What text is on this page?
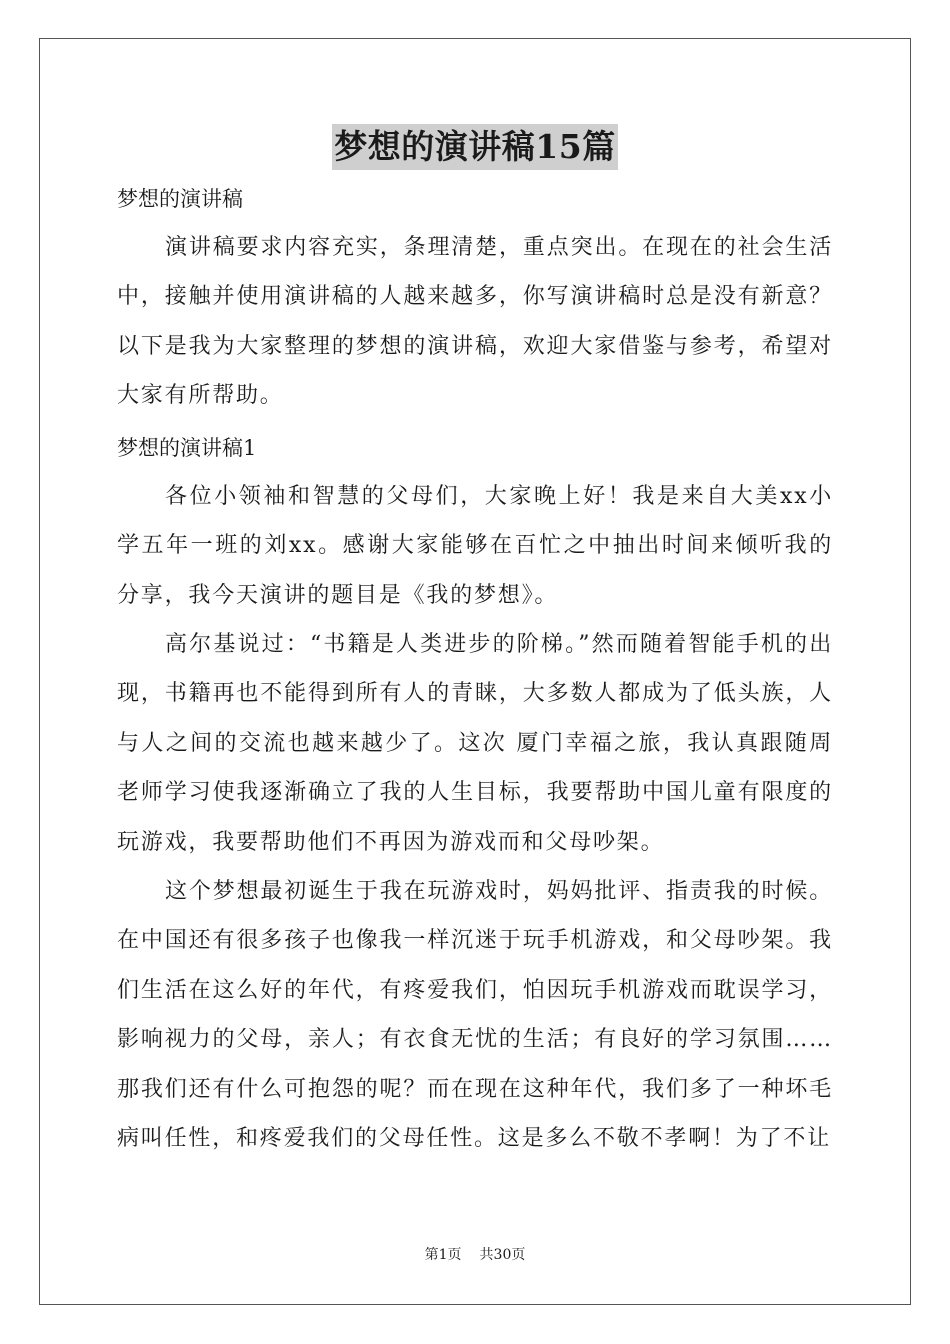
梦想的演讲稿15篇
梦想的演讲稿

演讲稿要求内容充实，条理清楚，重点突出。在现在的社会生活中，接触并使用演讲稿的人越来越多，你写演讲稿时总是没有新意？以下是我为大家整理的梦想的演讲稿，欢迎大家借鉴与参考，希望对大家有所帮助。

梦想的演讲稿1

各位小领袖和智慧的父母们，大家晚上好！我是来自大美xx小学五年一班的刘xx。感谢大家能够在百忙之中抽出时间来倾听我的分享，我今天演讲的题目是《我的梦想》。

高尔基说过：“书籍是人类进步的阶梯。”然而随着智能手机的出现，书籍再也不能得到所有人的青睐，大多数人都成为了低头族，人与人之间的交流也越来越少了。这次 厦门幸福之旅，我认真跟随周老师学习使我逐渐确立了我的人生目标，我要帮助中国儿童有限度的玩游戏，我要帮助他们不再因为游戏而和父母吵架。

这个梦想最初诞生于我在玩游戏时，妈妈批评、指责我的时候。在中国还有很多孩子也像我一样沉迷于玩手机游戏，和父母吵架。我们生活在这么好的年代，有疼爱我们，怕因玩手机游戏而耽误学习，影响视力的父母，亲人；有衣食无忧的生活；有良好的学习氛围……那我们还有什么可抱怨的呢？而在现在这种年代，我们多了一种坏毛病叫任性，和疼爱我们的父母任性。这是多么不敬不孝啊！为了不让

第1页 共30页
